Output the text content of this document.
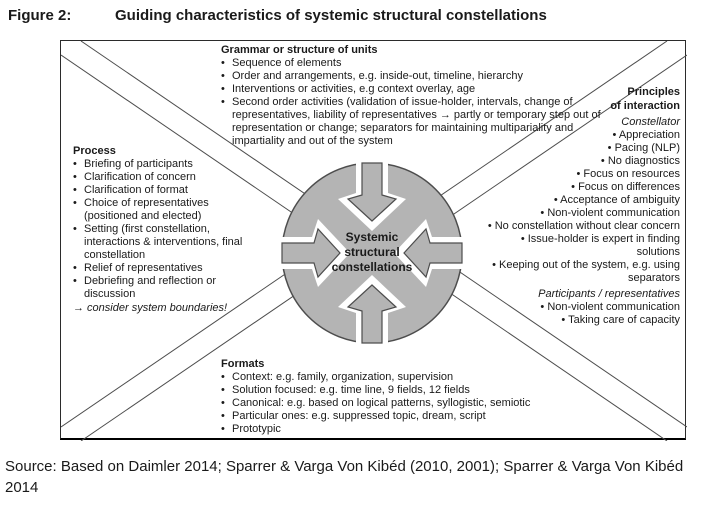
Figure 2:	Guiding characteristics of systemic structural constellations
Systemic structural constellations
Grammar or structure of units
• Sequence of elements
• Order and arrangements, e.g. inside-out, timeline, hierarchy
• Interventions or activities, e.g context overlay, age
• Second order activities (validation of issue-holder, intervals, change of representatives, liability of representatives → partly or temporary step out of representation or change; separators for maintaining multipariality and impartiality and out of the system
Process
• Briefing of participants
• Clarification of concern
• Clarification of format
• Choice of representatives (positioned and elected)
• Setting (first constellation, interactions & interventions, final constellation
• Relief of representatives
• Debriefing and reflection or discussion
→ consider system boundaries!
Principles
of interaction
Constellator
• Appreciation
• Pacing (NLP)
• No diagnostics
• Focus on resources
• Focus on differences
• Acceptance of ambiguity
• Non-violent communication
• No constellation without clear concern
• Issue-holder is expert in finding solutions
• Keeping out of the system, e.g. using separators
Participants / representatives
• Non-violent communication
• Taking care of capacity
Formats
• Context: e.g. family, organization, supervision
• Solution focused: e.g. time line, 9 fields, 12 fields
• Canonical: e.g. based on logical patterns, syllogistic, semiotic
• Particular ones: e.g. suppressed topic, dream, script
• Prototypic
Source: Based on Daimler 2014; Sparrer & Varga Von Kibéd (2010, 2001); Sparrer & Varga Von Kibéd 2014
